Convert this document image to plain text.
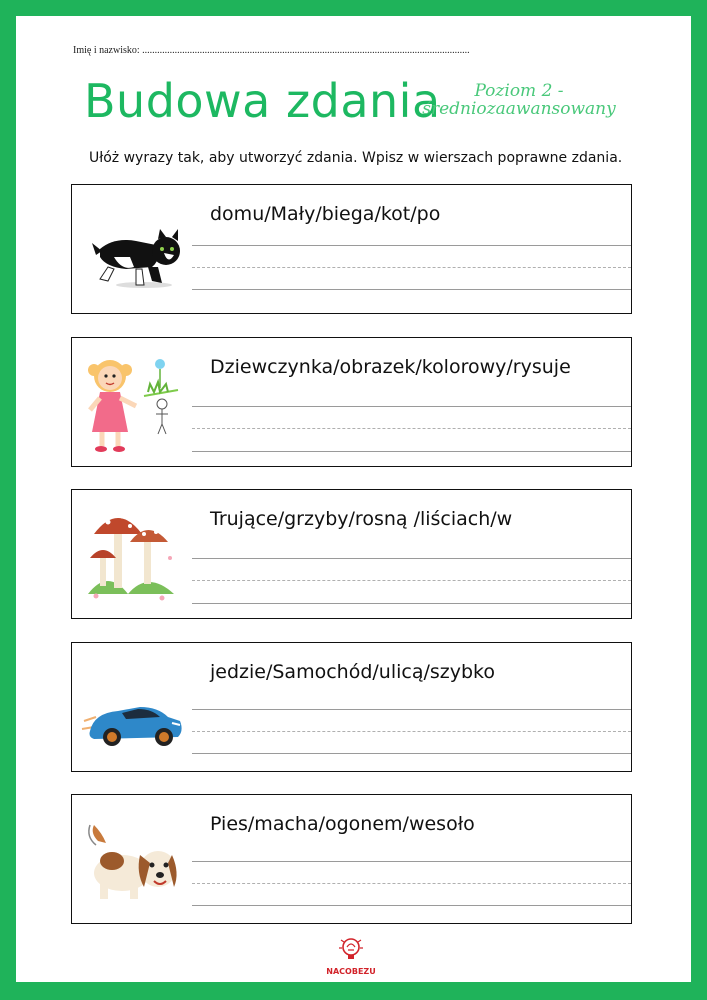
Imię i nazwisko: ...................................................................................................................................
Budowa zdania	Poziom 2 - średniozaawansowany
Ułóż wyrazy tak, aby utworzyć zdania. Wpisz w wierszach poprawne zdania.
domu/Mały/biega/kot/po
Dziewczynka/obrazek/kolorowy/rysuje
Trujące/grzyby/rosną /liściach/w
jedzie/Samochód/ulicą/szybko
Pies/macha/ogonem/wesoło
NACOBEZU
